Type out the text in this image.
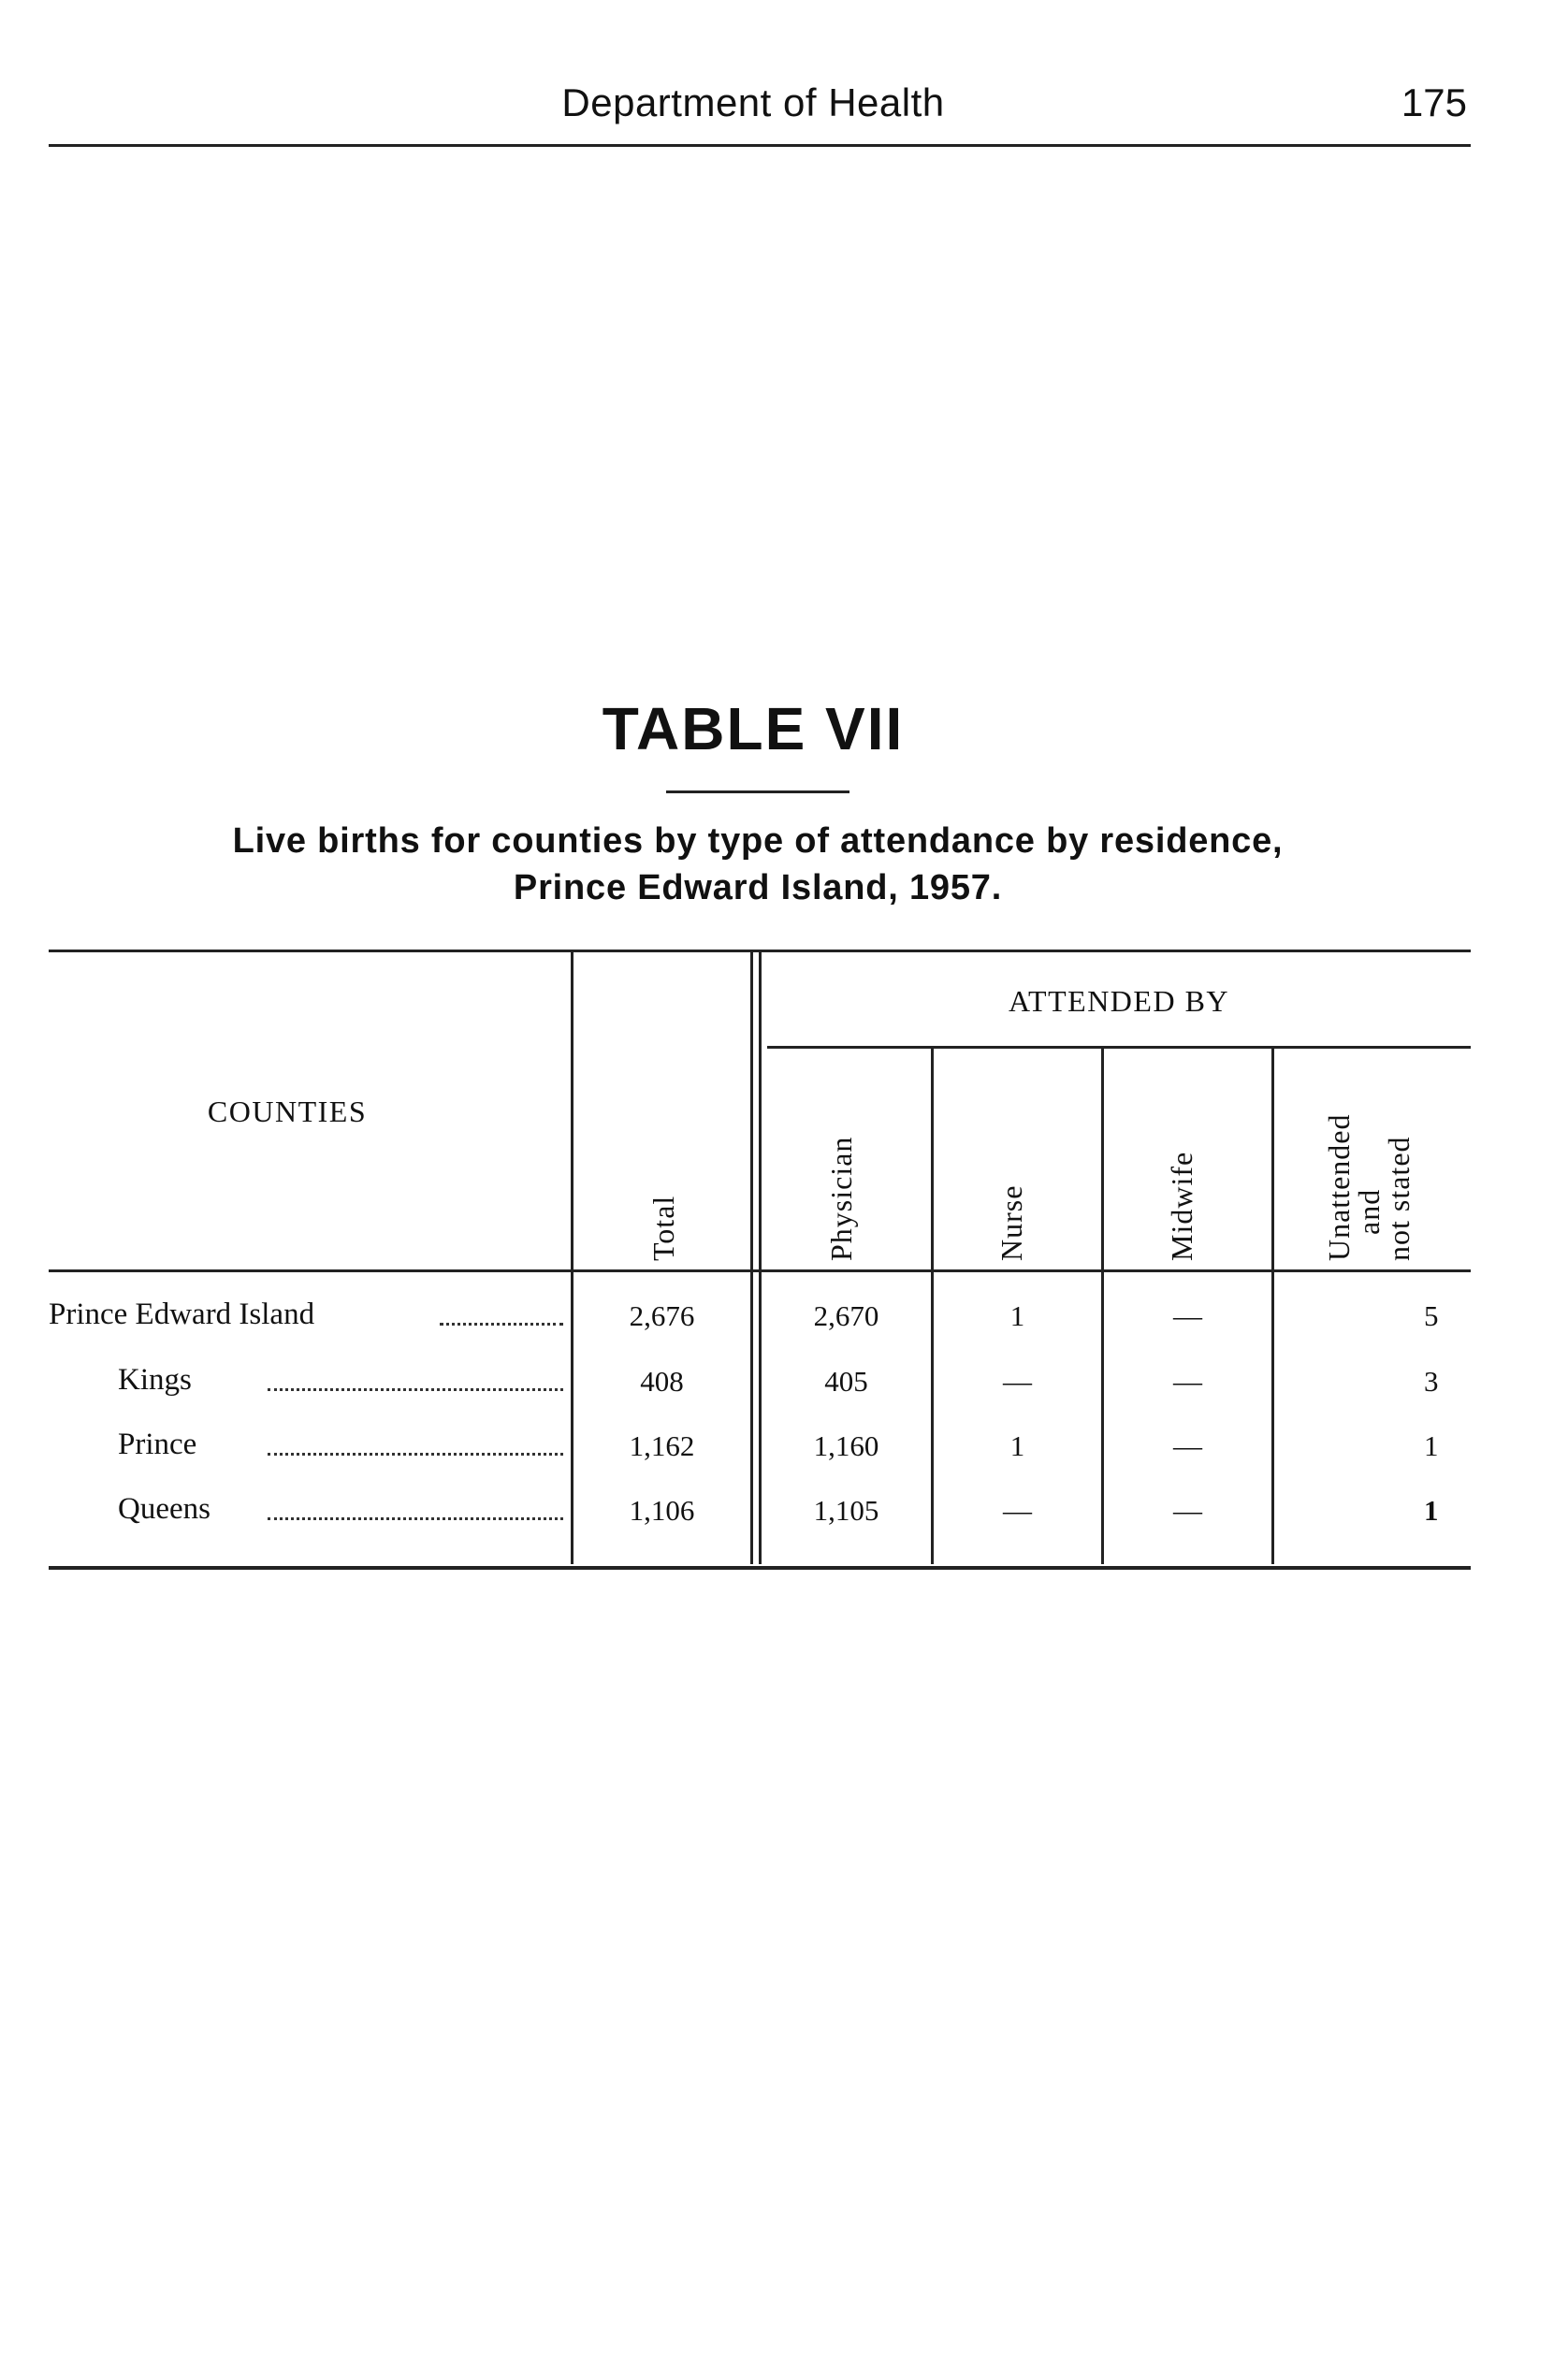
Department of Health	175
TABLE VII
Live births for counties by type of attendance by residence,
Prince Edward Island, 1957.
COUNTIES
ATTENDED BY
Total	Physician	Nurse	Midwife	Unattended
and
not stated
Prince Edward Island	2,676	2,670	1	—	5
Kings	408	405	—	—	3
Prince	1,162	1,160	1	—	1
Queens	1,106	1,105	—	—	1
